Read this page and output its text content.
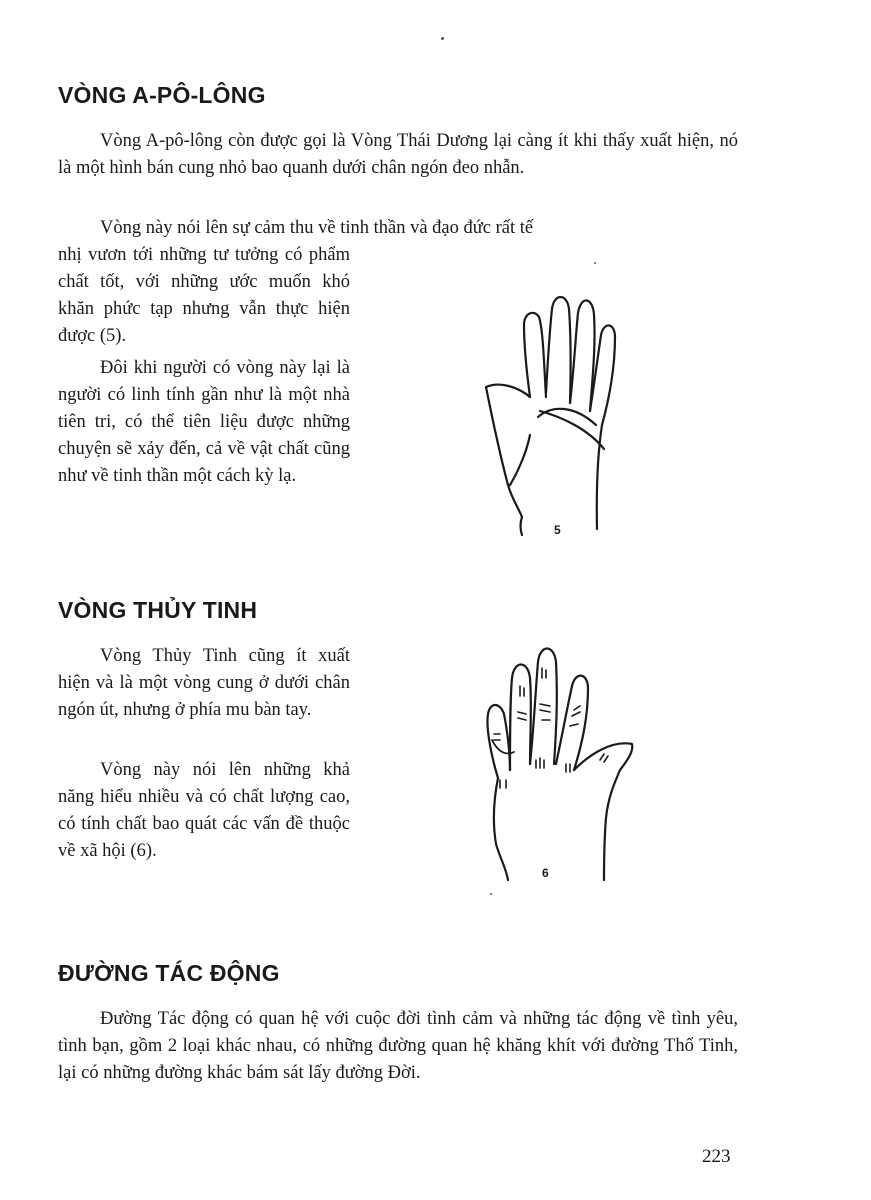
VÒNG A-PÔ-LÔNG

Vòng A-pô-lông còn được gọi là Vòng Thái Dương lại càng ít khi thấy xuất hiện, nó là một hình bán cung nhỏ bao quanh dưới chân ngón đeo nhẫn.

Vòng này nói lên sự cảm thu về tinh thần và đạo đức rất tế

nhị vươn tới những tư tưởng có phẩm chất tốt, với những ước muốn khó khăn phức tạp nhưng vẫn thực hiện được (5).

Đôi khi người có vòng này lại là người có linh tính gần như là một nhà tiên tri, có thể tiên liệu được những chuyện sẽ xảy đến, cả về vật chất cũng như về tinh thần một cách kỳ lạ.

5
VÒNG THỦY TINH

Vòng Thủy Tinh cũng ít xuất hiện và là một vòng cung ở dưới chân ngón út, nhưng ở phía mu bàn tay.

Vòng này nói lên những khả năng hiểu nhiều và có chất lượng cao, có tính chất bao quát các vấn đề thuộc về xã hội (6).

6
ĐƯỜNG TÁC ĐỘNG

Đường Tác động có quan hệ với cuộc đời tình cảm và những tác động về tình yêu, tình bạn, gồm 2 loại khác nhau, có những đường quan hệ khăng khít với đường Thổ Tinh, lại có những đường khác bám sát lấy đường Đời.

223
